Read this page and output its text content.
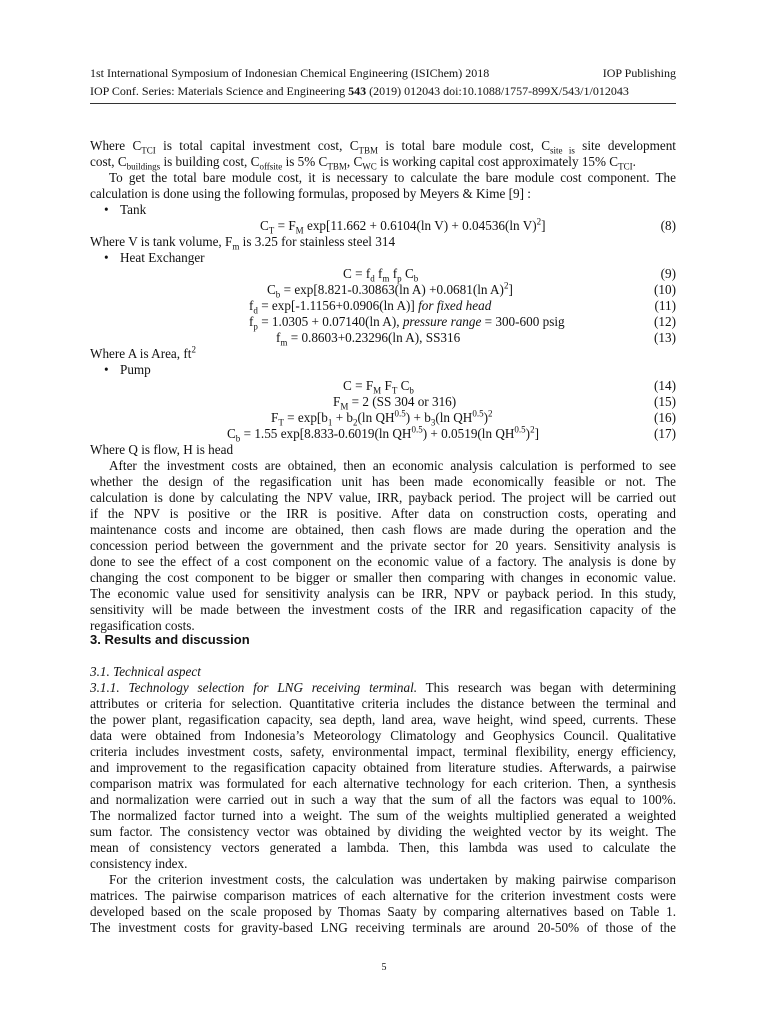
1st International Symposium of Indonesian Chemical Engineering (ISIChem) 2018	IOP Publishing
IOP Conf. Series: Materials Science and Engineering 543 (2019) 012043 doi:10.1088/1757-899X/543/1/012043
Where $C_{TCI}$ is total capital investment cost, $C_{TBM}$ is total bare module cost, $C_{site is}$ site development
cost, $C_{buildings}$ is building cost, $C_{offsite}$ is 5% $C_{TBM}$, $C_{WC}$ is working capital cost approximately 15% $C_{TCI}$.
To get the total bare module cost, it is necessary to calculate the bare module cost component. The
calculation is done using the following formulas, proposed by Meyers & Kime [9] :
• Tank
$C_T = F_M$ exp[11.662 + 0.6104(ln V) + 0.04536(ln V)$^2$]	(8)
Where V is tank volume, $F_m$ is 3.25 for stainless steel 314
• Heat Exchanger
$C = f_d$ $f_m$ $f_p$ $C_b$	(9)
$C_b = \exp[8.821-0.30863(\ln$ A) +0.0681(ln A)$^2$]	(10)
$f_d = \exp[-1.1156+0.0906(\ln$ A)] for fixed head	(11)
$f_p = 1.0305 + 0.07140(\ln$ A), pressure range = 300-600 psig	(12)
$f_m = 0.8603+0.23296(\ln$ A), SS316	(13)
Where A is Area, $ft^2$
• Pump
$C = F_M$ $F_T$ $C_b$	(14)
$F_M = 2$ (SS 304 or 316)	(15)
$F_T = \exp[b_1 + b_2(\ln$ $QH^{0.5}) + b_3(\ln$ $QH^{0.5})^2$	(16)
$C_b = 1.55$ exp[8.833-0.6019(ln $QH^{0.5}) + 0.0519(\ln$ $QH^{0.5})^2$]	(17)
Where Q is flow, H is head
After the investment costs are obtained, then an economic analysis calculation is performed to see
whether the design of the regasification unit has been made economically feasible or not. The
calculation is done by calculating the NPV value, IRR, payback period. The project will be carried out
if the NPV is positive or the IRR is positive. After data on construction costs, operating and
maintenance costs and income are obtained, then cash flows are made during the operation and the
concession period between the government and the private sector for 20 years. Sensitivity analysis is
done to see the effect of a cost component on the economic value of a factory. The analysis is done by
changing the cost component to be bigger or smaller then comparing with changes in economic value.
The economic value used for sensitivity analysis can be IRR, NPV or payback period. In this study,
sensitivity will be made between the investment costs of the IRR and regasification capacity of the
regasification costs.
3. Results and discussion
3.1. Technical aspect
3.1.1. Technology selection for LNG receiving terminal. This research was began with determining
attributes or criteria for selection. Quantitative criteria includes the distance between the terminal and
the power plant, regasification capacity, sea depth, land area, wave height, wind speed, currents. These
data were obtained from Indonesia’s Meteorology Climatology and Geophysics Council. Qualitative
criteria includes investment costs, safety, environmental impact, terminal flexibility, energy efficiency,
and improvement to the regasification capacity obtained from literature studies. Afterwards, a pairwise
comparison matrix was formulated for each alternative technology for each criterion. Then, a synthesis
and normalization were carried out in such a way that the sum of all the factors was equal to 100%.
The normalized factor turned into a weight. The sum of the weights multiplied generated a weighted
sum factor. The consistency vector was obtained by dividing the weighted vector by its weight. The
mean of consistency vectors generated a lambda. Then, this lambda was used to calculate the
consistency index.
For the criterion investment costs, the calculation was undertaken by making pairwise comparison
matrices. The pairwise comparison matrices of each alternative for the criterion investment costs were
developed based on the scale proposed by Thomas Saaty by comparing alternatives based on Table 1.
The investment costs for gravity-based LNG receiving terminals are around 20-50% of those of the
5
